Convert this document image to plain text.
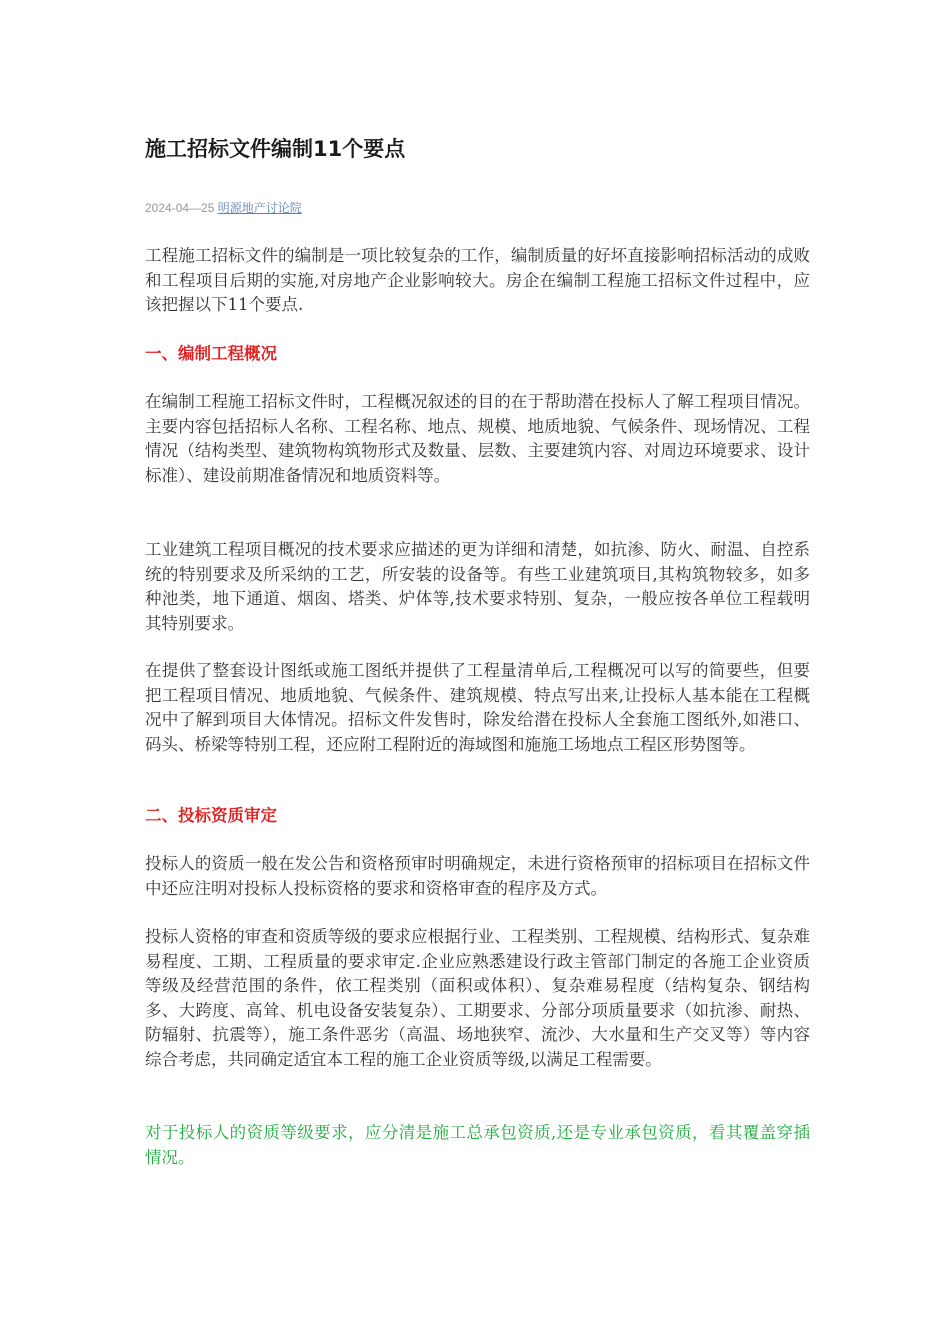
施工招标文件编制11个要点
2024-04—25 明源地产讨论院

工程施工招标文件的编制是一项比较复杂的工作，编制质量的好坏直接影响招标活动的成败和工程项目后期的实施,对房地产企业影响较大。房企在编制工程施工招标文件过程中，应该把握以下11个要点.

一、编制工程概况

在编制工程施工招标文件时，工程概况叙述的目的在于帮助潜在投标人了解工程项目情况。主要内容包括招标人名称、工程名称、地点、规模、地质地貌、气候条件、现场情况、工程情况（结构类型、建筑物构筑物形式及数量、层数、主要建筑内容、对周边环境要求、设计标准）、建设前期准备情况和地质资料等。

工业建筑工程项目概况的技术要求应描述的更为详细和清楚，如抗渗、防火、耐温、自控系统的特别要求及所采纳的工艺，所安装的设备等。有些工业建筑项目,其构筑物较多，如多种池类，地下通道、烟囱、塔类、炉体等,技术要求特别、复杂，一般应按各单位工程载明其特别要求。

在提供了整套设计图纸或施工图纸并提供了工程量清单后,工程概况可以写的简要些，但要把工程项目情况、地质地貌、气候条件、建筑规模、特点写出来,让投标人基本能在工程概况中了解到项目大体情况。招标文件发售时，除发给潜在投标人全套施工图纸外,如港口、码头、桥梁等特别工程，还应附工程附近的海域图和施施工场地点工程区形势图等。

二、投标资质审定

投标人的资质一般在发公告和资格预审时明确规定，未进行资格预审的招标项目在招标文件中还应注明对投标人投标资格的要求和资格审查的程序及方式。

投标人资格的审查和资质等级的要求应根据行业、工程类别、工程规模、结构形式、复杂难易程度、工期、工程质量的要求审定.企业应熟悉建设行政主管部门制定的各施工企业资质等级及经营范围的条件，依工程类别（面积或体积）、复杂难易程度（结构复杂、钢结构多、大跨度、高耸、机电设备安装复杂）、工期要求、分部分项质量要求（如抗渗、耐热、防辐射、抗震等），施工条件恶劣（高温、场地狭窄、流沙、大水量和生产交叉等）等内容综合考虑，共同确定适宜本工程的施工企业资质等级,以满足工程需要。

对于投标人的资质等级要求，应分清是施工总承包资质,还是专业承包资质，看其覆盖穿插情况。
